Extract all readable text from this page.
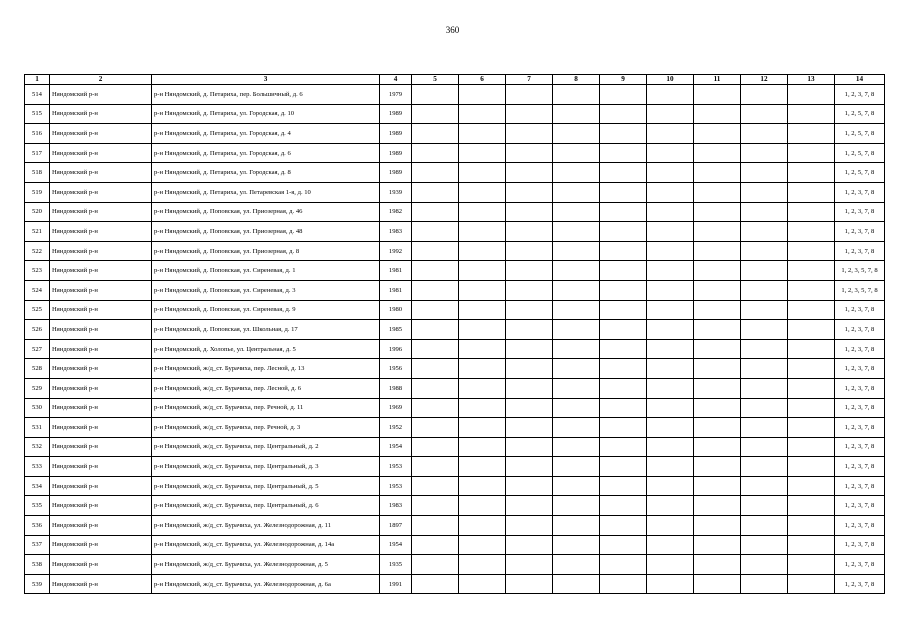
360
1	2	3	4	5	6	7	8	9	10	11	12	13	14
514	Няндомский р-н	р-н Няндомский, д. Петариха, пер. Большичный, д. 6	1979										1, 2, 3, 7, 8
515	Няндомский р-н	р-н Няндомский, д. Петариха, ул. Городская, д. 10	1989										1, 2, 5, 7, 8
516	Няндомский р-н	р-н Няндомский, д. Петариха, ул. Городская, д. 4	1989										1, 2, 5, 7, 8
517	Няндомский р-н	р-н Няндомский, д. Петариха, ул. Городская, д. 6	1989										1, 2, 5, 7, 8
518	Няндомский р-н	р-н Няндомский, д. Петариха, ул. Городская, д. 8	1989										1, 2, 5, 7, 8
519	Няндомский р-н	р-н Няндомский, д. Петариха, ул. Петаревская 1-я, д. 10	1939										1, 2, 3, 7, 8
520	Няндомский р-н	р-н Няндомский, д. Поповская, ул. Приозерная, д. 46	1982										1, 2, 3, 7, 8
521	Няндомский р-н	р-н Няндомский, д. Поповская, ул. Приозерная, д. 48	1983										1, 2, 3, 7, 8
522	Няндомский р-н	р-н Няндомский, д. Поповская, ул. Приозерная, д. 8	1992										1, 2, 3, 7, 8
523	Няндомский р-н	р-н Няндомский, д. Поповская, ул. Сиреневая, д. 1	1981										1, 2, 3, 5, 7, 8
524	Няндомский р-н	р-н Няндомский, д. Поповская, ул. Сиреневая, д. 3	1981										1, 2, 3, 5, 7, 8
525	Няндомский р-н	р-н Няндомский, д. Поповская, ул. Сиреневая, д. 9	1980										1, 2, 3, 7, 8
526	Няндомский р-н	р-н Няндомский, д. Поповская, ул. Школьная, д. 17	1985										1, 2, 3, 7, 8
527	Няндомский р-н	р-н Няндомский, д. Холопье, ул. Центральная, д. 5	1996										1, 2, 3, 7, 8
528	Няндомский р-н	р-н Няндомский, ж/д_ст. Бурачиха, пер. Лесной, д. 13	1956										1, 2, 3, 7, 8
529	Няндомский р-н	р-н Няндомский, ж/д_ст. Бурачиха, пер. Лесной, д. 6	1988										1, 2, 3, 7, 8
530	Няндомский р-н	р-н Няндомский, ж/д_ст. Бурачиха, пер. Речной, д. 11	1969										1, 2, 3, 7, 8
531	Няндомский р-н	р-н Няндомский, ж/д_ст. Бурачиха, пер. Речной, д. 3	1952										1, 2, 3, 7, 8
532	Няндомский р-н	р-н Няндомский, ж/д_ст. Бурачиха, пер. Центральный, д. 2	1954										1, 2, 3, 7, 8
533	Няндомский р-н	р-н Няндомский, ж/д_ст. Бурачиха, пер. Центральный, д. 3	1953										1, 2, 3, 7, 8
534	Няндомский р-н	р-н Няндомский, ж/д_ст. Бурачиха, пер. Центральный, д. 5	1953										1, 2, 3, 7, 8
535	Няндомский р-н	р-н Няндомский, ж/д_ст. Бурачиха, пер. Центральный, д. 6	1983										1, 2, 3, 7, 8
536	Няндомский р-н	р-н Няндомский, ж/д_ст. Бурачиха, ул. Железнодорожная, д. 11	1897										1, 2, 3, 7, 8
537	Няндомский р-н	р-н Няндомский, ж/д_ст. Бурачиха, ул. Железнодорожная, д. 14а	1954										1, 2, 3, 7, 8
538	Няндомский р-н	р-н Няндомский, ж/д_ст. Бурачиха, ул. Железнодорожная, д. 5	1935										1, 2, 3, 7, 8
539	Няндомский р-н	р-н Няндомский, ж/д_ст. Бурачиха, ул. Железнодорожная, д. 6а	1991										1, 2, 3, 7, 8
